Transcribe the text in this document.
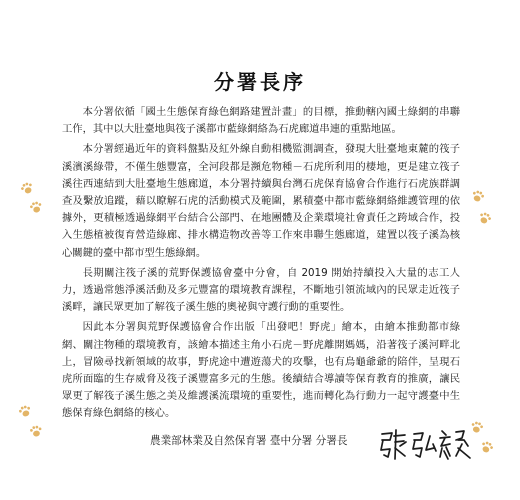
分署長序

本分署依循「國土生態保育綠色網路建置計畫」的目標，推動轄內國土綠網的串聯工作，其中以大肚臺地與筏子溪都市藍綠網絡為石虎廊道串連的重點地區。

本分署經過近年的資料盤點及紅外線自動相機監測調查，發現大肚臺地東麓的筏子溪濱溪綠帶，不僅生態豐富，全河段都是瀕危物種－石虎所利用的棲地，更是建立筏子溪往西連結到大肚臺地生態廊道，本分署持續與台灣石虎保育協會合作進行石虎族群調查及繫放追蹤，藉以瞭解石虎的活動模式及範圍，累積臺中都市藍綠網絡維護管理的依據外，更積極透過綠網平台結合公部門、在地團體及企業環境社會責任之跨域合作，投入生態植被復育營造綠廊、排水構造物改善等工作來串聯生態廊道，建置以筏子溪為核心關鍵的臺中都市型生態綠網。

長期關注筏子溪的荒野保護協會臺中分會，自 2019 開始持續投入大量的志工人力，透過常態淨溪活動及多元豐富的環境教育課程，不斷地引領流域內的民眾走近筏子溪畔，讓民眾更加了解筏子溪生態的奧祕與守護行動的重要性。

因此本分署與荒野保護協會合作出版「出發吧！野虎」繪本，由繪本推動都市綠網、關注物種的環境教育，該繪本描述主角小石虎－野虎離開媽媽，沿著筏子溪河畔北上，冒險尋找新領域的故事，野虎途中遭遊蕩犬的攻擊，也有烏龜爺爺的陪伴，呈現石虎所面臨的生存威脅及筏子溪豐富多元的生態。後續結合導讀等保育教育的推廣，讓民眾更了解筏子溪生態之美及維護溪流環境的重要性，進而轉化為行動力一起守護臺中生態保育綠色網絡的核心。

農業部林業及自然保育署 臺中分署 分署長
